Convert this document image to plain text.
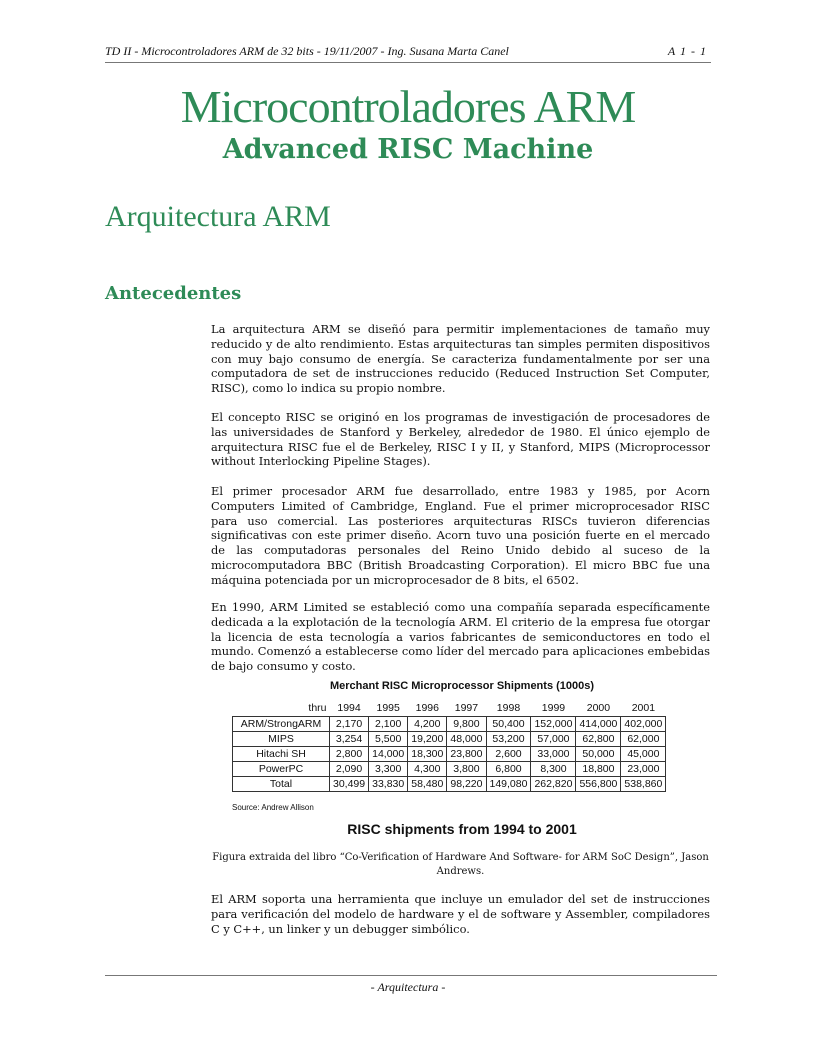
TD II - Microcontroladores ARM de 32 bits - 19/11/2007 - Ing. Susana Marta Canel	A 1 - 1
Microcontroladores ARM
Advanced RISC Machine
Arquitectura ARM
Antecedentes

La arquitectura ARM se diseñó para permitir implementaciones de tamaño muy reducido y de alto rendimiento. Estas arquitecturas tan simples permiten dispositivos con muy bajo consumo de energía. Se caracteriza fundamentalmente por ser una computadora de set de instrucciones reducido (Reduced Instruction Set Computer, RISC), como lo indica su propio nombre.

El concepto RISC se originó en los programas de investigación de procesadores de las universidades de Stanford y Berkeley, alrededor de 1980. El único ejemplo de arquitectura RISC fue el de Berkeley, RISC I y II, y Stanford, MIPS (Microprocessor without Interlocking Pipeline Stages).

El primer procesador ARM fue desarrollado, entre 1983 y 1985, por Acorn Computers Limited of Cambridge, England. Fue el primer microprocesador RISC para uso comercial. Las posteriores arquitecturas RISCs tuvieron diferencias significativas con este primer diseño. Acorn tuvo una posición fuerte en el mercado de las computadoras personales del Reino Unido debido al suceso de la microcomputadora BBC (British Broadcasting Corporation). El micro BBC fue una máquina potenciada por un microprocesador de 8 bits, el 6502.

En 1990, ARM Limited se estableció como una compañía separada específicamente dedicada a la explotación de la tecnología ARM. El criterio de la empresa fue otorgar la licencia de esta tecnología a varios fabricantes de semiconductores en todo el mundo. Comenzó a establecerse como líder del mercado para aplicaciones embebidas de bajo consumo y costo.

Merchant RISC Microprocessor Shipments (1000s)
thru	1994	1995	1996	1997	1998	1999	2000	2001
ARM/StrongARM	2,170	2,100	4,200	9,800	50,400	152,000	414,000	402,000
MIPS	3,254	5,500	19,200	48,000	53,200	57,000	62,800	62,000
Hitachi SH	2,800	14,000	18,300	23,800	2,600	33,000	50,000	45,000
PowerPC	2,090	3,300	4,300	3,800	6,800	8,300	18,800	23,000
Total	30,499	33,830	58,480	98,220	149,080	262,820	556,800	538,860
Source: Andrew Allison
RISC shipments from 1994 to 2001
Figura extraida del libro “Co-Verification of Hardware And Software- for ARM SoC Design”, Jason Andrews.

El ARM soporta una herramienta que incluye un emulador del set de instrucciones para verificación del modelo de hardware y el de software y Assembler, compiladores C y C++, un linker y un debugger simbólico.

- Arquitectura -
